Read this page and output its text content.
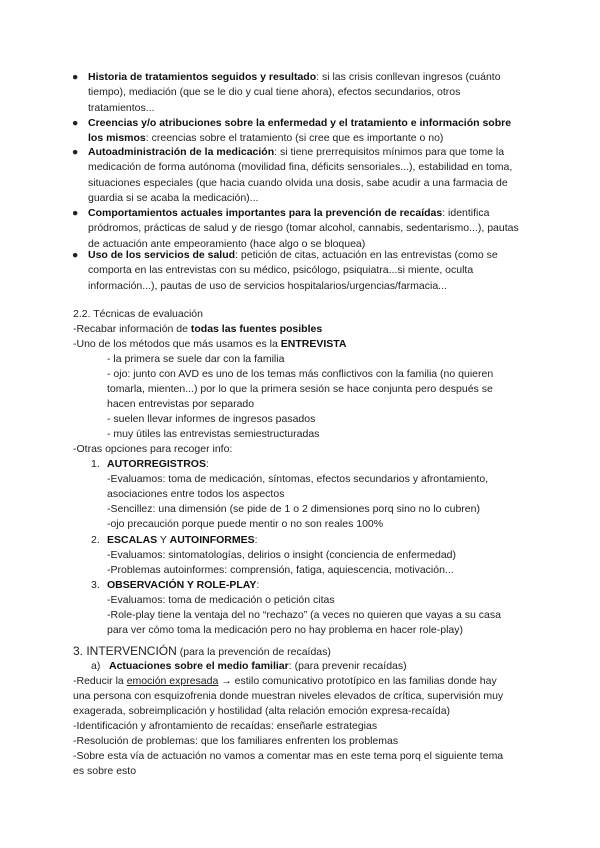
● Historia de tratamientos seguidos y resultado: si las crisis conllevan ingresos (cuánto tiempo), mediación (que se le dio y cual tiene ahora), efectos secundarios, otros tratamientos...
● Creencias y/o atribuciones sobre la enfermedad y el tratamiento e información sobre los mismos: creencias sobre el tratamiento (si cree que es importante o no)
● Autoadministración de la medicación: si tiene prerrequisitos mínimos para que tome la medicación de forma autónoma (movilidad fina, déficits sensoriales...), estabilidad en toma, situaciones especiales (que hacia cuando olvida una dosis, sabe acudir a una farmacia de guardia si se acaba la medicación)...
● Comportamientos actuales importantes para la prevención de recaídas: identifica pródromos, prácticas de salud y de riesgo (tomar alcohol, cannabis, sedentarismo...), pautas de actuación ante empeoramiento (hace algo o se bloquea)
● Uso de los servicios de salud: petición de citas, actuación en las entrevistas (como se comporta en las entrevistas con su médico, psicólogo, psiquiatra...si miente, oculta información...), pautas de uso de servicios hospitalarios/urgencias/farmacia...
2.2. Técnicas de evaluación
-Recabar información de todas las fuentes posibles
-Uno de los métodos que más usamos es la ENTREVISTA
- la primera se suele dar con la familia
- ojo: junto con AVD es uno de los temas más conflictivos con la familia (no quieren
tomarla, mienten...) por lo que la primera sesión se hace conjunta pero después se
hacen entrevistas por separado
- suelen llevar informes de ingresos pasados
- muy útiles las entrevistas semiestructuradas
-Otras opciones para recoger info:
1. AUTORREGISTROS:
-Evaluamos: toma de medicación, síntomas, efectos secundarios y afrontamiento,
asociaciones entre todos los aspectos
-Sencillez: una dimensión (se pide de 1 o 2 dimensiones porq sino no lo cubren)
-ojo precaución porque puede mentir o no son reales 100%
2. ESCALAS Y AUTOINFORMES:
-Evaluamos: sintomatologías, delirios o insight (conciencia de enfermedad)
-Problemas autoinformes: comprensión, fatiga, aquiescencia, motivación...
3. OBSERVACIÓN Y ROLE-PLAY:
-Evaluamos: toma de medicación o petición citas
-Role-play tiene la ventaja del no “rechazo” (a veces no quieren que vayas a su casa
para ver cómo toma la medicación pero no hay problema en hacer role-play)
3. INTERVENCIÓN (para la prevención de recaídas)
a) Actuaciones sobre el medio familiar: (para prevenir recaídas)
-Reducir la emoción expresada → estilo comunicativo prototípico en las familias donde hay
una persona con esquizofrenia donde muestran niveles elevados de crítica, supervisión muy
exagerada, sobreimplicación y hostilidad (alta relación emoción expresa-recaída)
-Identificación y afrontamiento de recaídas: enseñarle estrategias
-Resolución de problemas: que los familiares enfrenten los problemas
-Sobre esta vía de actuación no vamos a comentar mas en este tema porq el siguiente tema
es sobre esto
